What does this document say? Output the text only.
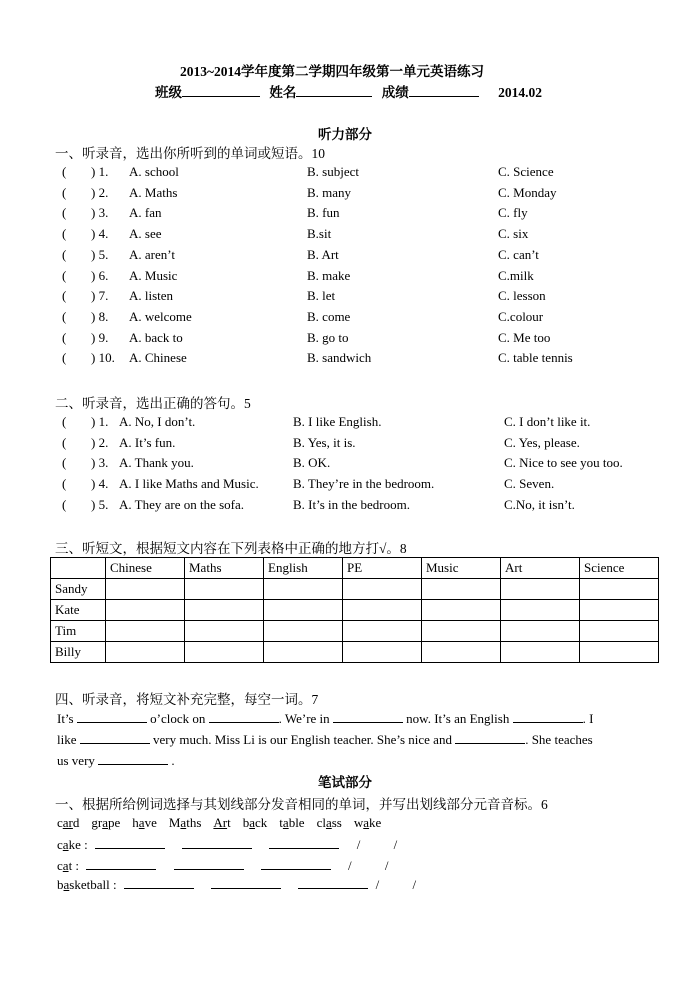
2013~2014学年度第二学期四年级第一单元英语练习
班级	姓名	成绩	2014.02
听力部分
一、听录音，选出你所听到的单词或短语。10
( ) 1. A. school	B. subject	C. Science
( ) 2. A. Maths	B. many	C. Monday
( ) 3. A. fan	B. fun	C. fly
( ) 4. A. see	B.sit	C. six
( ) 5. A. aren’t	B. Art	C. can’t
( ) 6. A. Music	B. make	C.milk
( ) 7. A. listen	B. let	C. lesson
( ) 8. A. welcome	B. come	C.colour
( ) 9. A. back to	B. go to	C. Me too
( ) 10. A. Chinese	B. sandwich	C. table tennis
二、听录音，选出正确的答句。5
( ) 1. A. No, I don’t.	B. I like English.	C. I don’t like it.
( ) 2. A. It’s fun.	B. Yes, it is.	C. Yes, please.
( ) 3. A. Thank you.	B. OK.	C. Nice to see you too.
( ) 4. A. I like Maths and Music.	B. They’re in the bedroom.	C. Seven.
( ) 5. A. They are on the sofa.	B. It’s in the bedroom.	C.No, it isn’t.
三、听短文，根据短文内容在下列表格中正确的地方打√。8
	Chinese	Maths	English	PE	Music	Art	Science
Sandy							
Kate							
Tim							
Billy							
四、听录音，将短文补充完整，每空一词。7
It’s	o’clock on	. We’re in	now. It’s an English	. I
like	very much. Miss Li is our English teacher. She’s nice and	. She teaches
us very	.
笔试部分
一、根据所给例词选择与其划线部分发音相同的单词，并写出划线部分元音音标。6
card grape have Maths Art back table class wake
cake :	/	/
cat :	/	/
basketball :	/	/
